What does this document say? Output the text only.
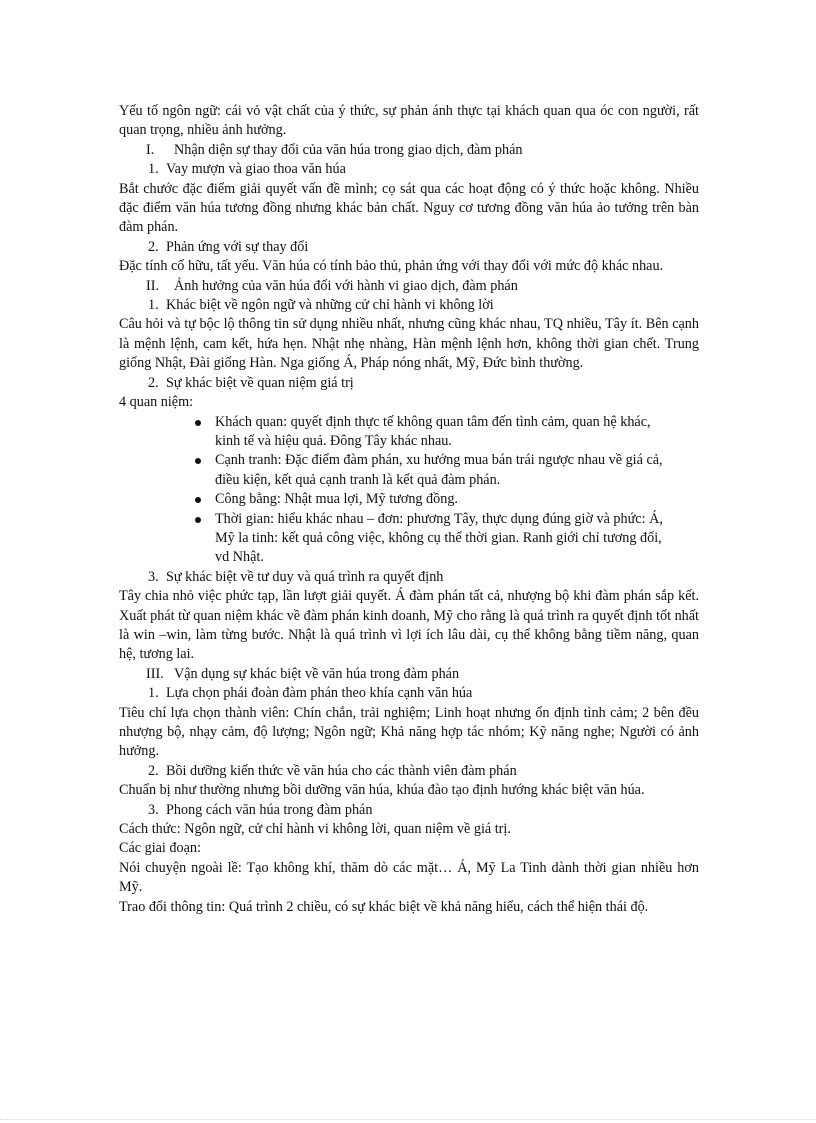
Yếu tố ngôn ngữ: cái vỏ vật chất của ý thức, sự phản ánh thực tại khách quan qua óc con người, rất quan trọng, nhiều ảnh hưởng.

I. Nhận diện sự thay đổi của văn húa trong giao dịch, đàm phán
1. Vay mượn và giao thoa văn húa

Bắt chước đặc điểm giải quyết vấn đề mình; cọ sát qua các hoạt động có ý thức hoặc không. Nhiều đặc điểm văn húa tương đồng nhưng khác bản chất. Nguy cơ tương đồng văn húa ảo tưởng trên bàn đàm phán.

2. Phản ứng với sự thay đổi

Đặc tính cố hữu, tất yếu. Văn húa có tính bảo thủ, phản ứng với thay đổi với mức độ khác nhau.

II. Ảnh hưởng của văn húa đối với hành vi giao dịch, đàm phán
1. Khác biệt về ngôn ngữ và những cử chỉ hành vi không lời

Câu hỏi và tự bộc lộ thông tin sử dụng nhiều nhất, nhưng cũng khác nhau, TQ nhiều, Tây ít. Bên cạnh là mệnh lệnh, cam kết, hứa hẹn. Nhật nhẹ nhàng, Hàn mệnh lệnh hơn, không thời gian chết. Trung giống Nhật, Đài giống Hàn. Nga giống Á, Pháp nóng nhất, Mỹ, Đức bình thường.

2. Sự khác biệt về quan niệm giá trị

4 quan niệm:

Khách quan: quyết định thực tế không quan tâm đến tình cảm, quan hệ khác, kinh tế và hiệu quả. Đông Tây khác nhau.
Cạnh tranh: Đặc điểm đàm phán, xu hướng mua bán trái ngược nhau về giá cả, điều kiện, kết quả cạnh tranh là kết quả đàm phán.
Công bằng: Nhật mua lợi, Mỹ tương đồng.
Thời gian: hiểu khác nhau – đơn: phương Tây, thực dụng đúng giờ và phức: Á, Mỹ la tinh: kết quả công việc, không cụ thể thời gian. Ranh giới chỉ tương đối, vd Nhật.
3. Sự khác biệt về tư duy và quá trình ra quyết định

Tây chia nhỏ việc phức tạp, lần lượt giải quyết. Á đàm phán tất cả, nhượng bộ khi đàm phán sắp kết. Xuất phát từ quan niệm khác về đàm phán kinh doanh, Mỹ cho rằng là quá trình ra quyết định tốt nhất là win –win, làm từng bước. Nhật là quá trình vì lợi ích lâu dài, cụ thể không bằng tiềm năng, quan hệ, tương lai.

III. Vận dụng sự khác biệt về văn húa trong đàm phán
1. Lựa chọn phái đoàn đàm phán theo khía cạnh văn húa

Tiêu chí lựa chọn thành viên: Chín chắn, trải nghiệm; Linh hoạt nhưng ổn định tình cảm; 2 bên đều nhượng bộ, nhạy cảm, độ lượng; Ngôn ngữ; Khả năng hợp tác nhóm; Kỹ năng nghe; Người có ảnh hưởng.

2. Bồi dưỡng kiến thức về văn húa cho các thành viên đàm phán

Chuẩn bị như thường nhưng bồi dưỡng văn húa, khúa đào tạo định hướng khác biệt văn húa.

3. Phong cách văn húa trong đàm phán

Cách thức: Ngôn ngữ, cử chỉ hành vi không lời, quan niệm về giá trị.

Các giai đoạn:

Nói chuyện ngoài lề: Tạo không khí, thăm dò các mặt… Á, Mỹ La Tinh dành thời gian nhiều hơn Mỹ.

Trao đổi thông tin: Quá trình 2 chiều, có sự khác biệt về khả năng hiểu, cách thể hiện thái độ.
